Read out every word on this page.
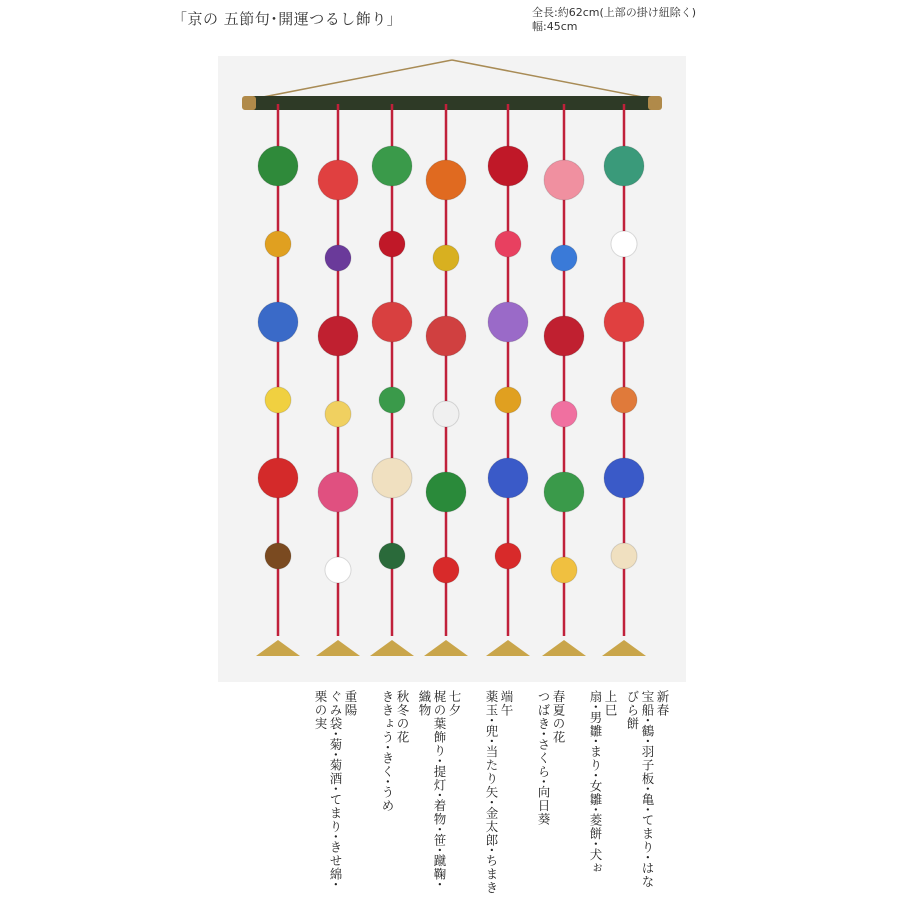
「京の 五節句･開運つるし飾り」	全長:約62cm(上部の掛け紐除く)
幅:45cm
新春
宝船･鶴･羽子板･亀･てまり･はなびら餅
上巳
扇･男雛･まり･女雛･菱餅･犬ぉ
春夏の花
つばき･さくら･向日葵
端午
薬玉･兜･当たり矢･金太郎･ちまき
七夕
梶の葉飾り･提灯･着物･笹･蹴鞠･織物
秋冬の花
ききょう･きく･うめ
重陽
ぐみ袋･菊･菊酒･てまり･きせ綿･栗の実
